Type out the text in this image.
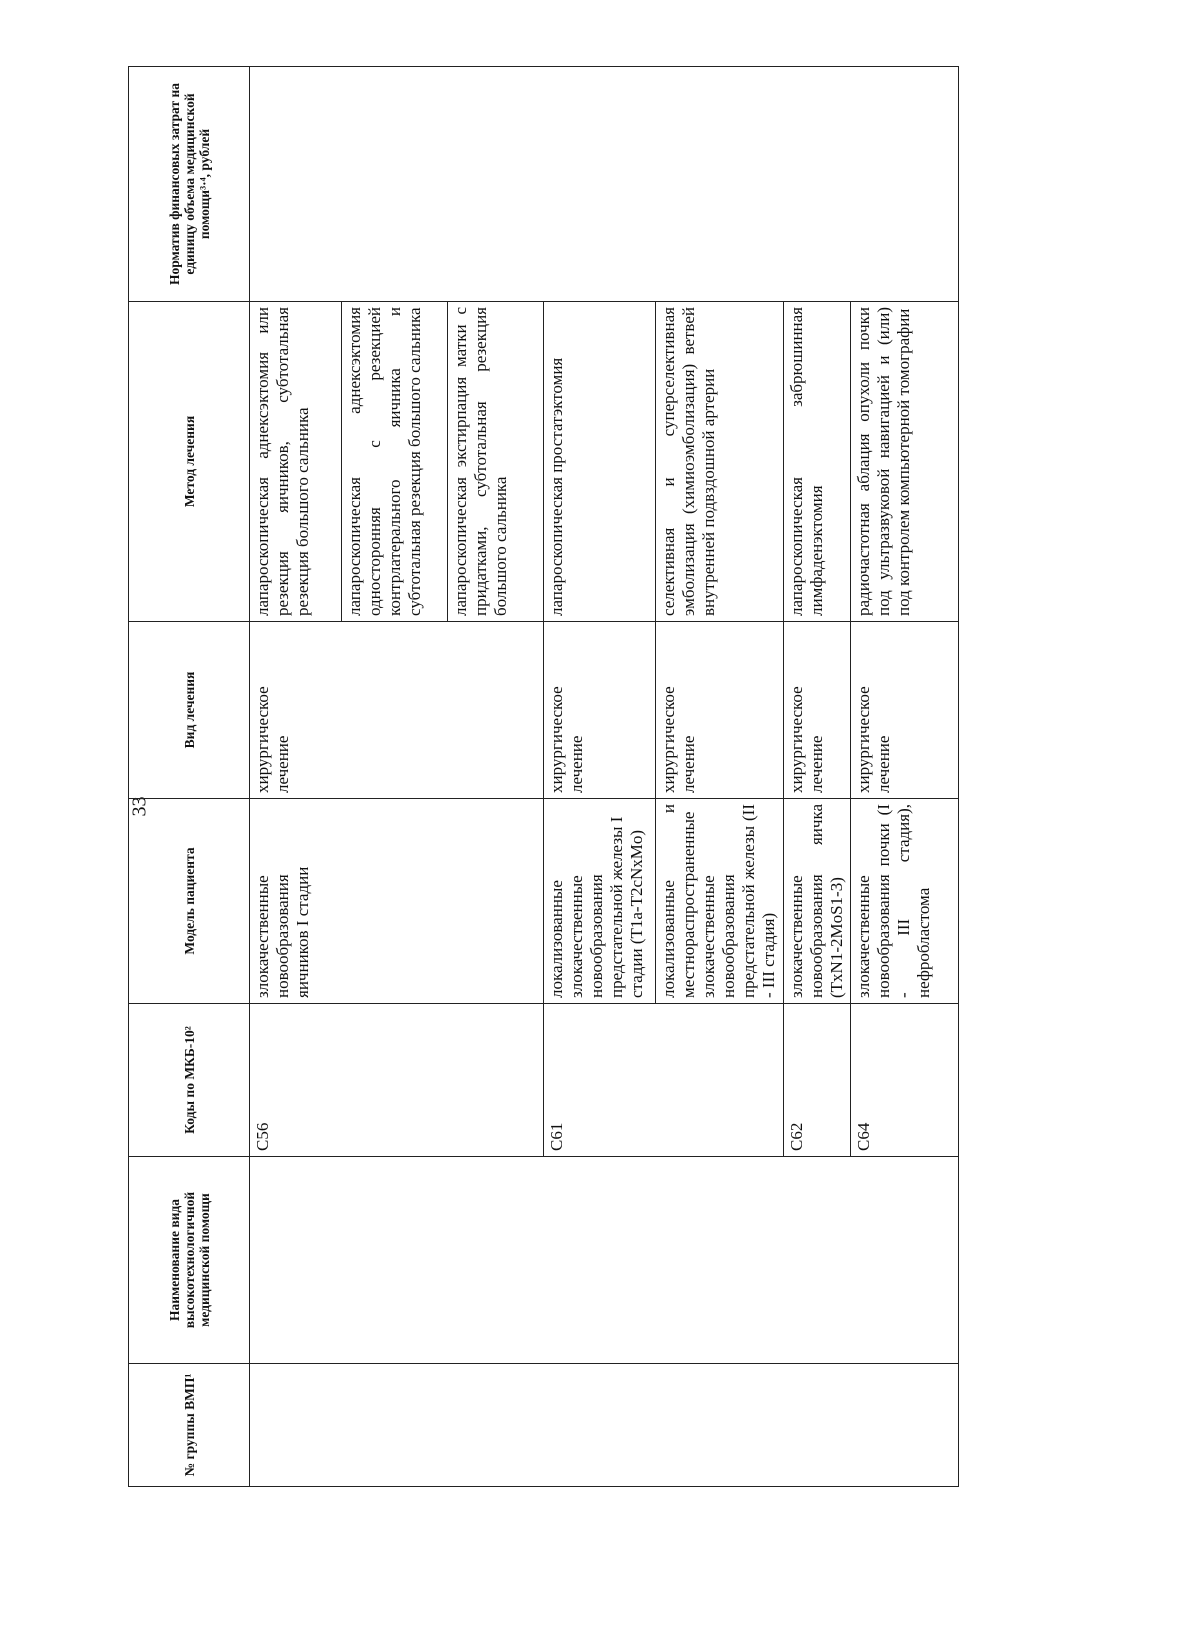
33
№ группы ВМП¹	Наименование вида высокотехнологичной медицинской помощи	Коды по МКБ-10²	Модель пациента	Вид лечения	Метод лечения	Норматив финансовых затрат на единицу объема медицинской помощи³·⁴, рублей
		C56	злокачественные новообразования яичников I стадии	хирургическое лечение	лапароскопическая аднексэктомия или резекция яичников, субтотальная резекция большого сальника	
					лапароскопическая аднексэктомия односторонняя с резекцией контрлатерального яичника и субтотальная резекция большого сальника	
					лапароскопическая экстирпация матки с придатками, субтотальная резекция большого сальника	
		C61	локализованные злокачественные новообразования предстательной железы I стадии (T1a-T2cNxMo)	хирургическое лечение	лапароскопическая простатэктомия	
			локализованные и местнораспространенные злокачественные новообразования предстательной железы (II - III стадия)	хирургическое лечение	селективная и суперселективная эмболизация (химиоэмболизация) ветвей внутренней подвздошной артерии	
		C62	злокачественные новообразования яичка (TxN1-2MoS1-3)	хирургическое лечение	лапароскопическая забрюшинная лимфаденэктомия	
		C64	злокачественные новообразования почки (I - III стадия), нефробластома	хирургическое лечение	радиочастотная аблация опухоли почки под ультразвуковой навигацией и (или) под контролем компьютерной томографии	
